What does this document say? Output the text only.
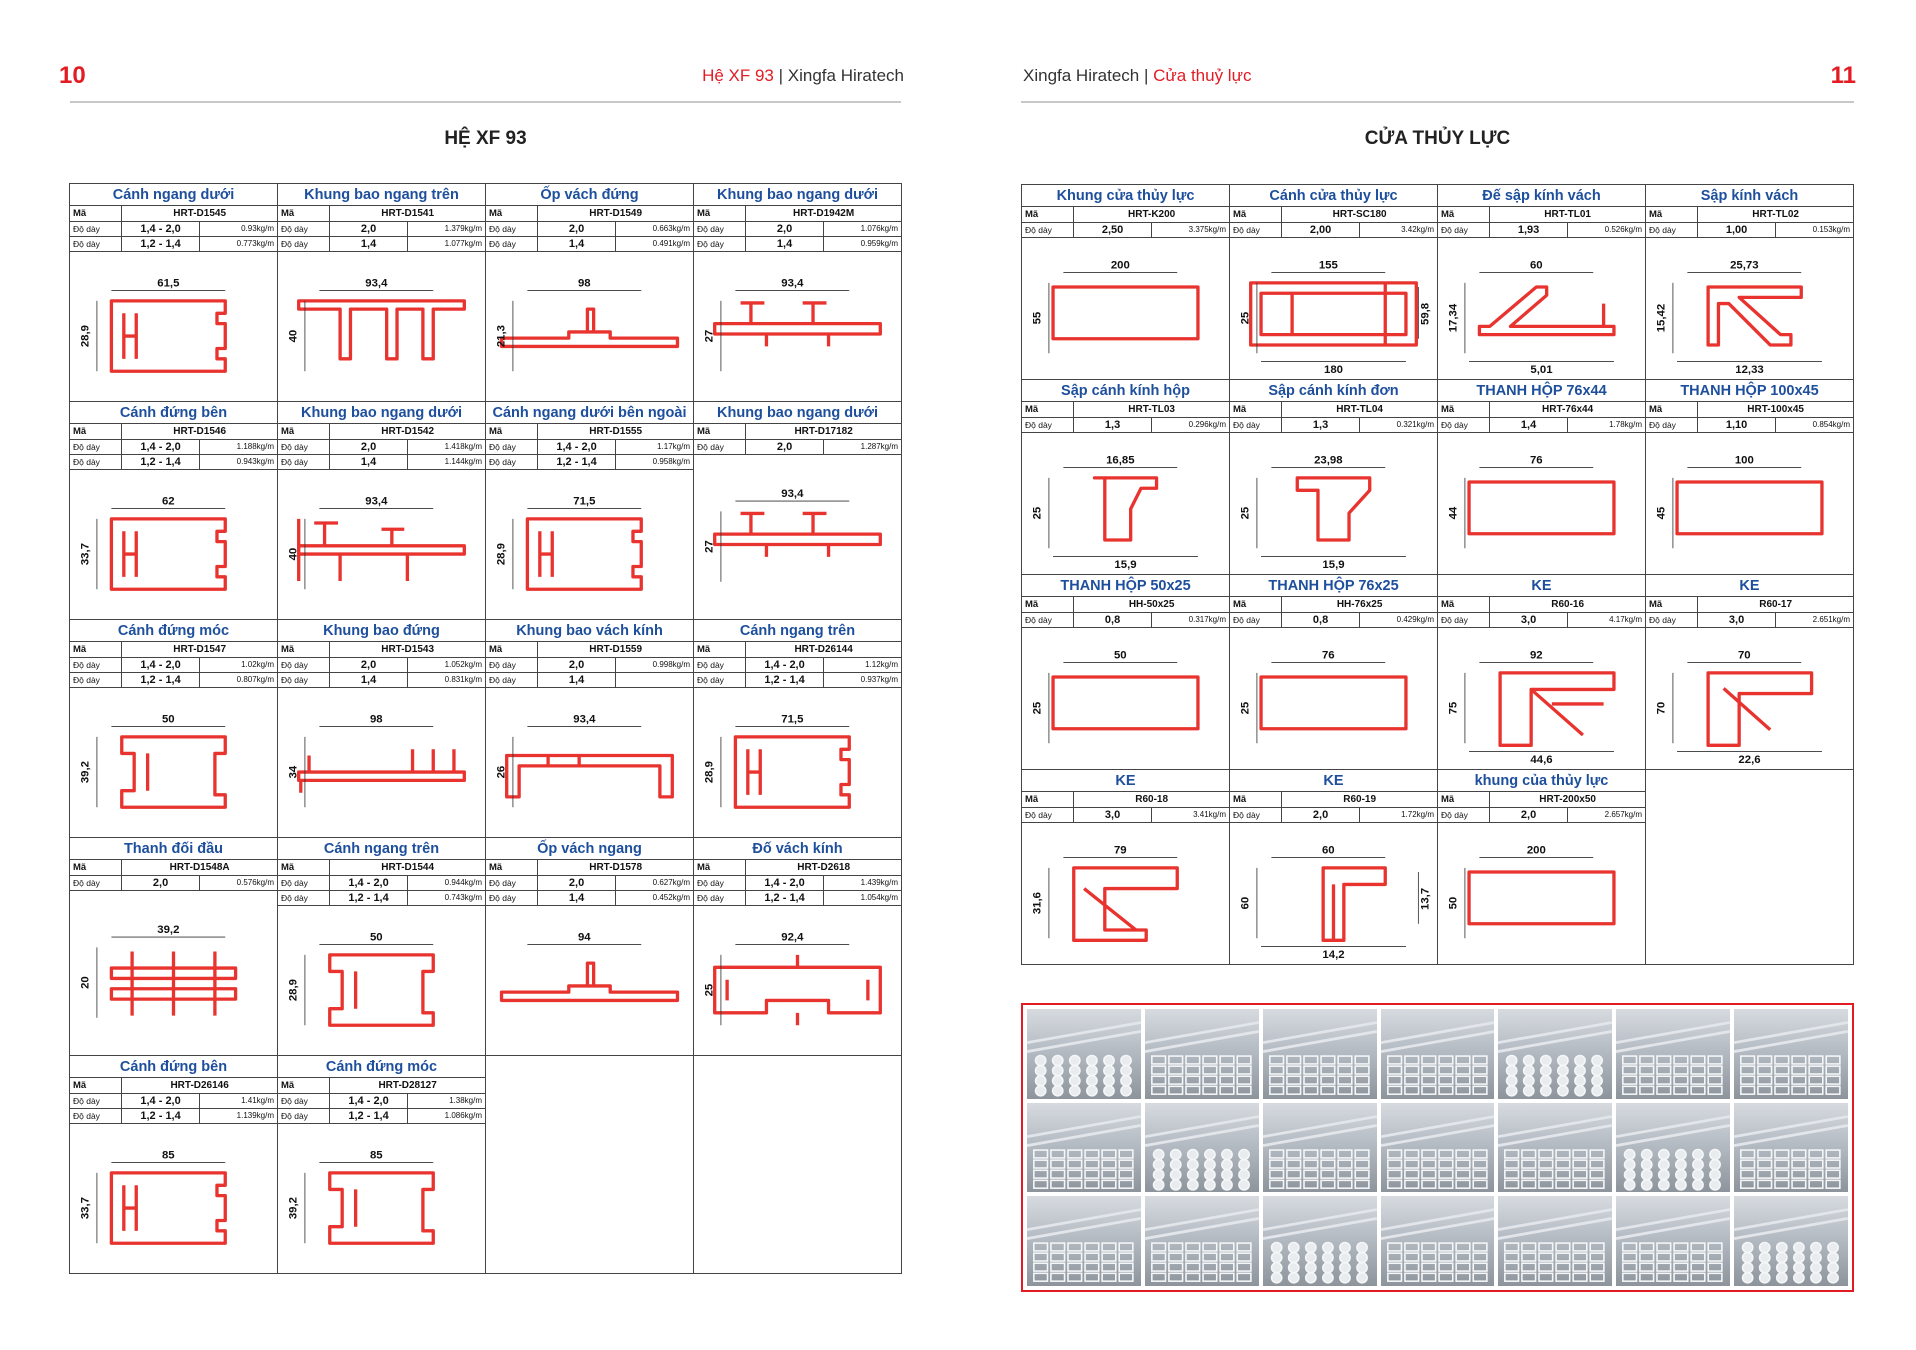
10	Hệ XF 93 | Xingfa Hiratech
HỆ XF 93
Xingfa Hiratech | Cửa thuỷ lực	11
CỬA THỦY LỰC
Cánh ngang dưới
Mã	HRT-D1545	
Độ dày	1,4 - 2,0	0.93kg/m
Độ dày	1,2 - 1,4	0.773kg/m
61,5
28,9
Khung bao ngang trên
Mã	HRT-D1541	
Độ dày	2,0	1.379kg/m
Độ dày	1,4	1.077kg/m
93,4
40
Ốp vách đứng
Mã	HRT-D1549	
Độ dày	2,0	0.663kg/m
Độ dày	1,4	0.491kg/m
98
21,3
Khung bao ngang dưới
Mã	HRT-D1942M	
Độ dày	2,0	1.076kg/m
Độ dày	1,4	0.959kg/m
93,4
27
Cánh đứng bên
Mã	HRT-D1546	
Độ dày	1,4 - 2,0	1.188kg/m
Độ dày	1,2 - 1,4	0.943kg/m
62
33,7
Khung bao ngang dưới
Mã	HRT-D1542	
Độ dày	2,0	1.418kg/m
Độ dày	1,4	1.144kg/m
93,4
40
Cánh ngang dưới bên ngoài
Mã	HRT-D1555	
Độ dày	1,4 - 2,0	1.17kg/m
Độ dày	1,2 - 1,4	0.958kg/m
71,5
28,9
Khung bao ngang dưới
Mã	HRT-D17182	
Độ dày	2,0	1.287kg/m
93,4
27
Cánh đứng móc
Mã	HRT-D1547	
Độ dày	1,4 - 2,0	1.02kg/m
Độ dày	1,2 - 1,4	0.807kg/m
50
39,2
Khung bao đứng
Mã	HRT-D1543	
Độ dày	2,0	1.052kg/m
Độ dày	1,4	0.831kg/m
98
34
Khung bao vách kính
Mã	HRT-D1559	
Độ dày	2,0	0.998kg/m
Độ dày	1,4	
93,4
26
Cánh ngang trên
Mã	HRT-D26144	
Độ dày	1,4 - 2,0	1.12kg/m
Độ dày	1,2 - 1,4	0.937kg/m
71,5
28,9
Thanh đối đầu
Mã	HRT-D1548A	
Độ dày	2,0	0.576kg/m
39,2
20
Cánh ngang trên
Mã	HRT-D1544	
Độ dày	1,4 - 2,0	0.944kg/m
Độ dày	1,2 - 1,4	0.743kg/m
50
28,9
Ốp vách ngang
Mã	HRT-D1578	
Độ dày	2,0	0.627kg/m
Độ dày	1,4	0.452kg/m
94
Đố vách kính
Mã	HRT-D2618	
Độ dày	1,4 - 2,0	1.439kg/m
Độ dày	1,2 - 1,4	1.054kg/m
92,4
25
Cánh đứng bên
Mã	HRT-D26146	
Độ dày	1,4 - 2,0	1.41kg/m
Độ dày	1,2 - 1,4	1.139kg/m
85
33,7
Cánh đứng móc
Mã	HRT-D28127	
Độ dày	1,4 - 2,0	1.38kg/m
Độ dày	1,2 - 1,4	1.086kg/m
85
39,2
Khung cửa thủy lực
Mã	HRT-K200	
Độ dày	2,50	3.375kg/m
200
55
Cánh cửa thủy lực
Mã	HRT-SC180	
Độ dày	2,00	3.42kg/m
155
25
180
59,8
Đế sập kính vách
Mã	HRT-TL01	
Độ dày	1,93	0.526kg/m
60
17,34
5,01
Sập kính vách
Mã	HRT-TL02	
Độ dày	1,00	0.153kg/m
25,73
15,42
12,33
Sập cánh kính hộp
Mã	HRT-TL03	
Độ dày	1,3	0.296kg/m
16,85
25
15,9
Sập cánh kính đơn
Mã	HRT-TL04	
Độ dày	1,3	0.321kg/m
23,98
25
15,9
THANH HỘP 76x44
Mã	HRT-76x44	
Độ dày	1,4	1.78kg/m
76
44
THANH HỘP 100x45
Mã	HRT-100x45	
Độ dày	1,10	0.854kg/m
100
45
THANH HỘP 50x25
Mã	HH-50x25	
Độ dày	0,8	0.317kg/m
50
25
THANH HỘP 76x25
Mã	HH-76x25	
Độ dày	0,8	0.429kg/m
76
25
KE
Mã	R60-16	
Độ dày	3,0	4.17kg/m
92
75
44,6
KE
Mã	R60-17	
Độ dày	3,0	2.651kg/m
70
70
22,6
KE
Mã	R60-18	
Độ dày	3,0	3.41kg/m
79
31,6
KE
Mã	R60-19	
Độ dày	2,0	1.72kg/m
60
60
14,2
13,7
khung của thủy lực
Mã	HRT-200x50	
Độ dày	2,0	2.657kg/m
200
50
